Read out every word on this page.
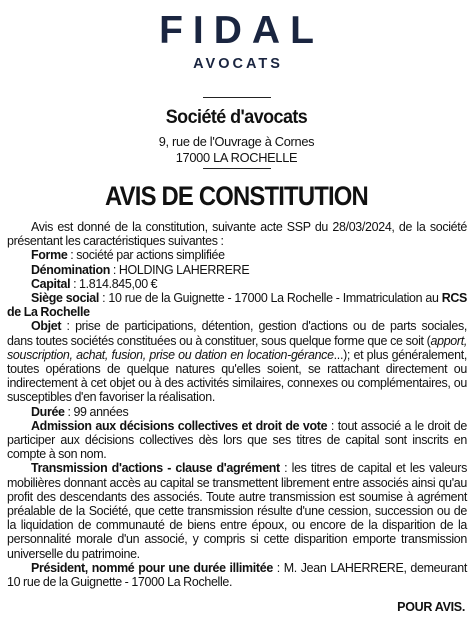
FIDAL
AVOCATS
Société d'avocats
9, rue de l'Ouvrage à Cornes
17000 LA ROCHELLE
AVIS DE CONSTITUTION

Avis est donné de la constitution, suivante acte SSP du 28/03/2024, de la société présentant les caractéristiques suivantes :

Forme : société par actions simplifiée

Dénomination : HOLDING LAHERRERE

Capital : 1.814.845,00 €

Siège social : 10 rue de la Guignette - 17000 La Rochelle - Immatriculation au RCS de La Rochelle

Objet : prise de participations, détention, gestion d'actions ou de parts sociales, dans toutes sociétés constituées ou à constituer, sous quelque forme que ce soit (apport, souscription, achat, fusion, prise ou dation en location-gérance...); et plus généralement, toutes opérations de quelque natures qu'elles soient, se rattachant directement ou indirectement à cet objet ou à des activités similaires, connexes ou complémentaires, ou susceptibles d'en favoriser la réalisation.

Durée : 99 années

Admission aux décisions collectives et droit de vote : tout associé a le droit de participer aux décisions collectives dès lors que ses titres de capital sont inscrits en compte à son nom.

Transmission d'actions - clause d'agrément : les titres de capital et les valeurs mobilières donnant accès au capital se transmettent librement entre associés ainsi qu'au profit des descendants des associés. Toute autre transmission est soumise à agrément préalable de la Société, que cette transmission résulte d'une cession, succession ou de la liquidation de communauté de biens entre époux, ou encore de la disparition de la personnalité morale d'un associé, y compris si cette disparition emporte transmission universelle du patrimoine.

Président, nommé pour une durée illimitée : M. Jean LAHERRERE, demeurant 10 rue de la Guignette - 17000 La Rochelle.

POUR AVIS.
